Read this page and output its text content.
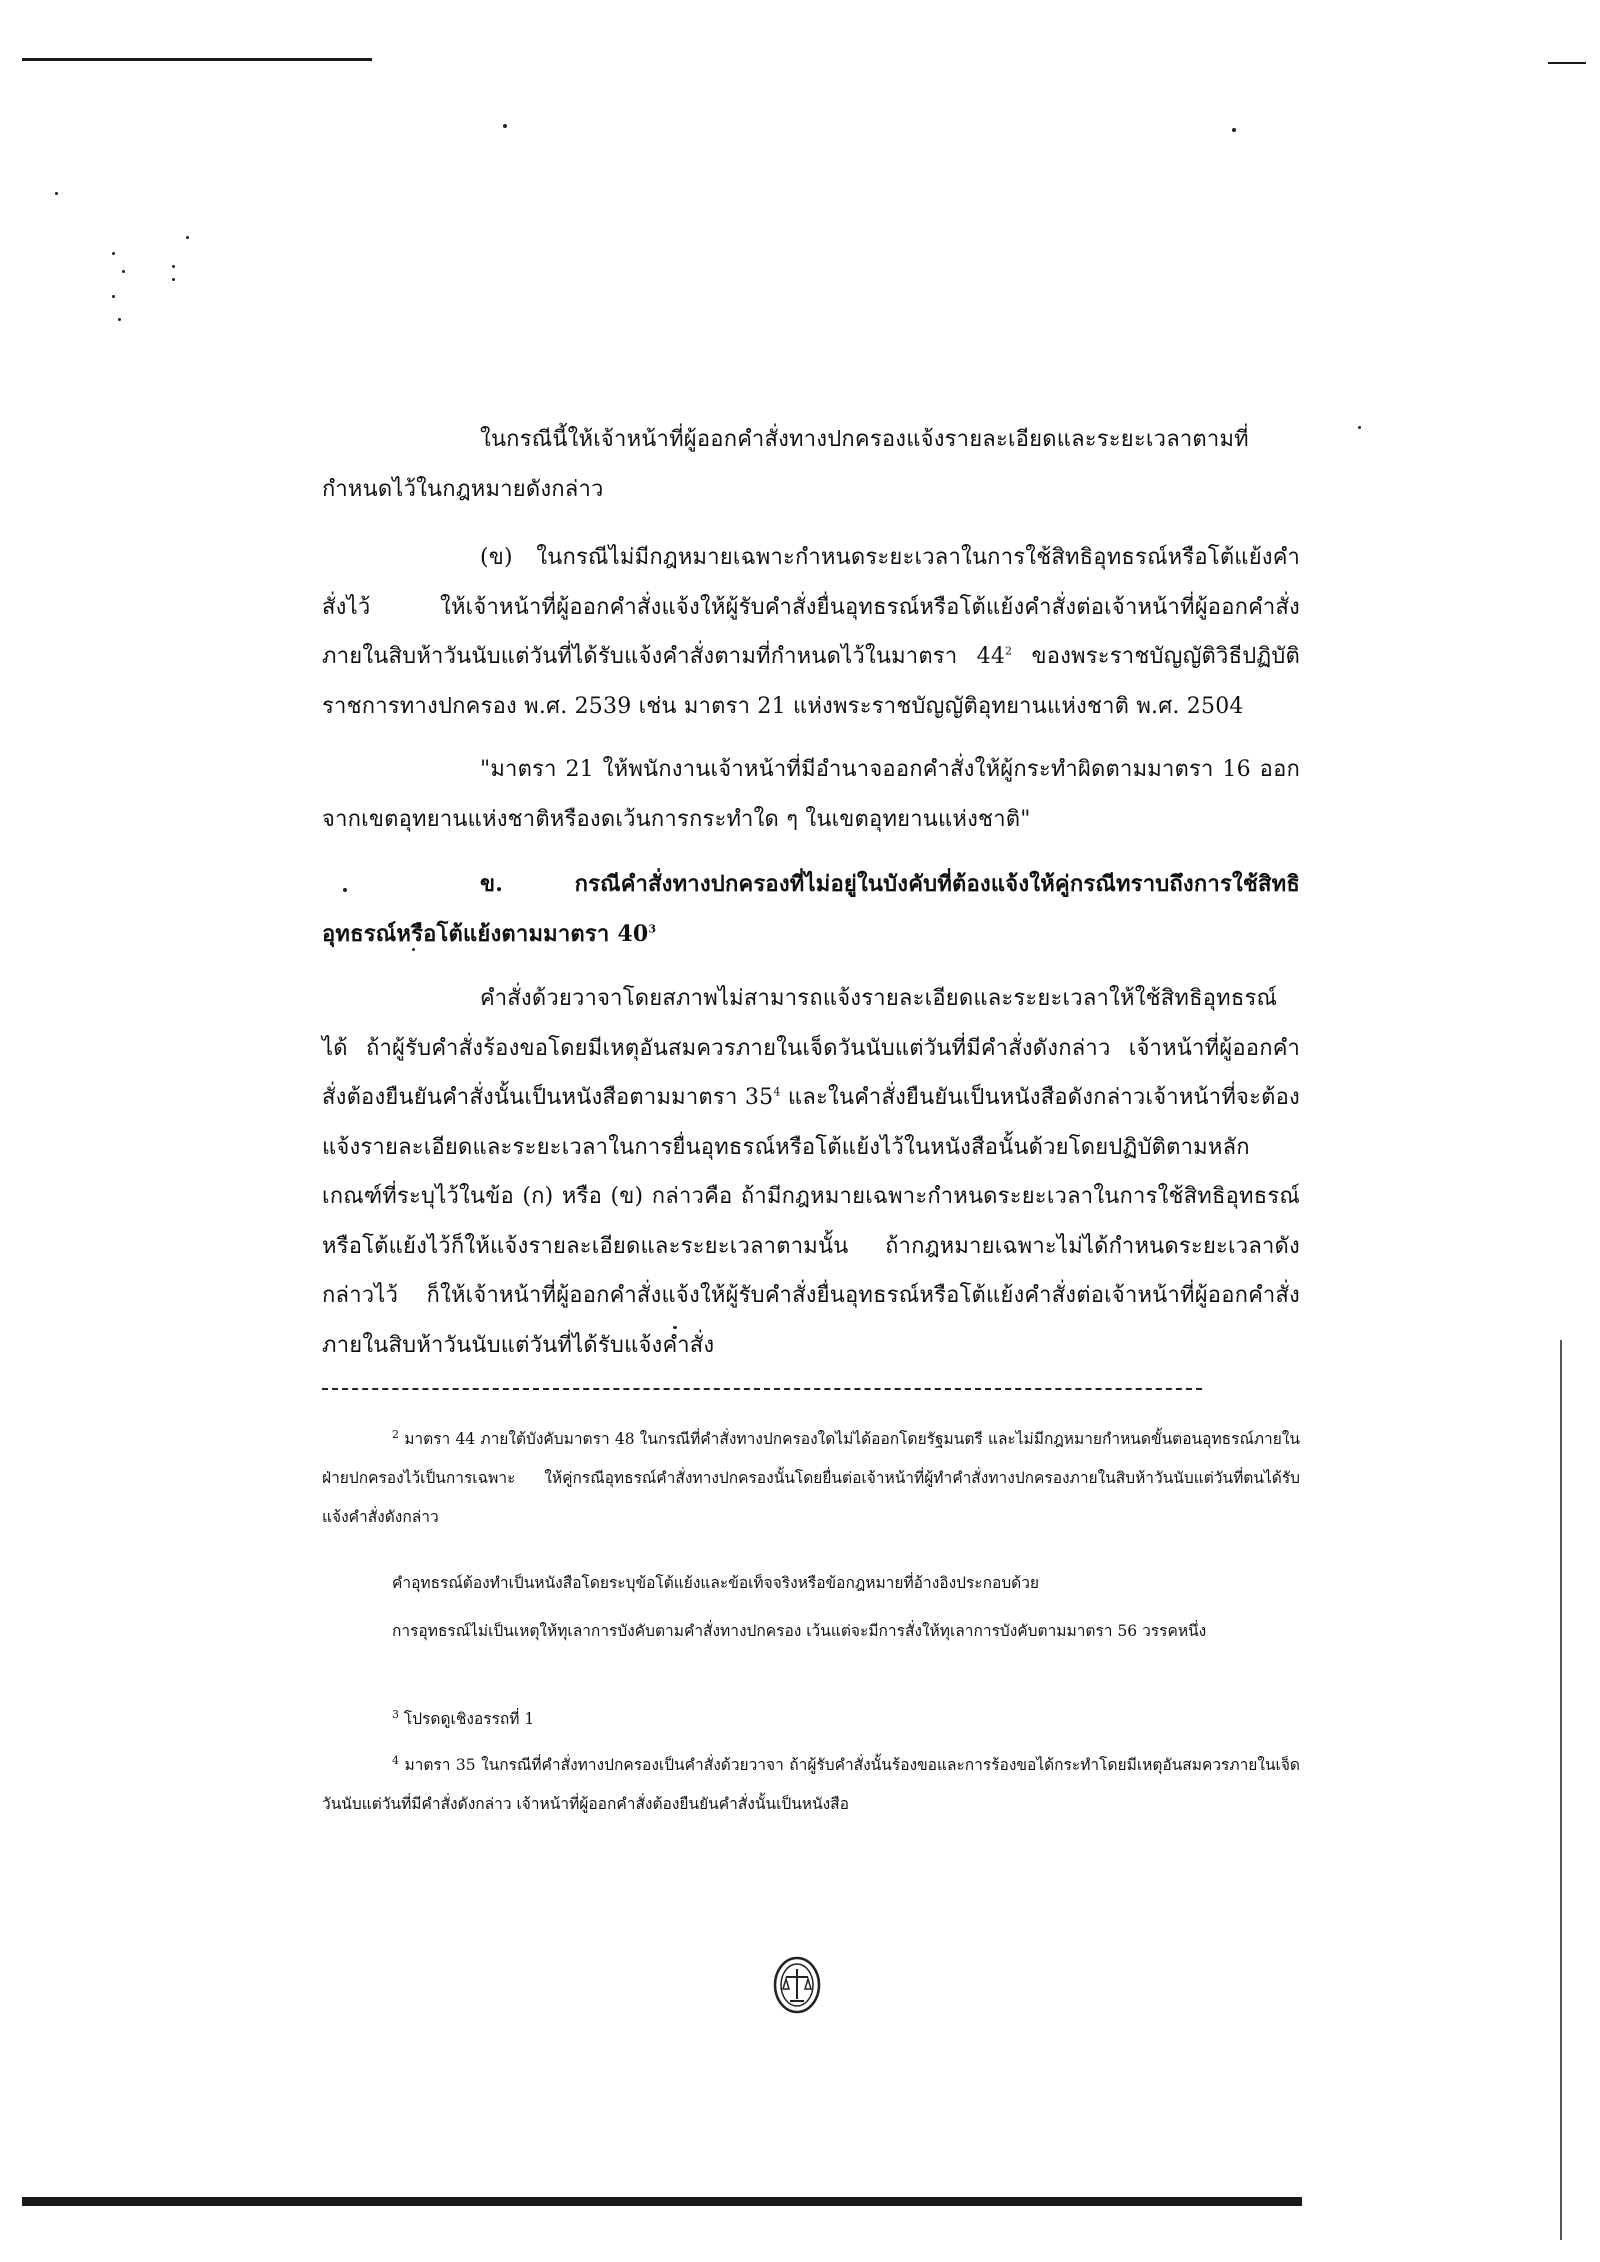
ในกรณีนี้ให้เจ้าหน้าที่ผู้ออกคำสั่งทางปกครองแจ้งรายละเอียดและระยะเวลาตามที่กำหนดไว้ในกฎหมายดังกล่าว

(ข) ในกรณีไม่มีกฎหมายเฉพาะกำหนดระยะเวลาในการใช้สิทธิอุทธรณ์หรือโต้แย้งคำสั่งไว้ ให้เจ้าหน้าที่ผู้ออกคำสั่งแจ้งให้ผู้รับคำสั่งยื่นอุทธรณ์หรือโต้แย้งคำสั่งต่อเจ้าหน้าที่ผู้ออกคำสั่งภายในสิบห้าวันนับแต่วันที่ได้รับแจ้งคำสั่งตามที่กำหนดไว้ในมาตรา $44^2$ ของพระราชบัญญัติวิธีปฏิบัติราชการทางปกครอง พ.ศ. 2539 เช่น มาตรา 21 แห่งพระราชบัญญัติอุทยานแห่งชาติ พ.ศ. 2504

"มาตรา 21 ให้พนักงานเจ้าหน้าที่มีอำนาจออกคำสั่งให้ผู้กระทำผิดตามมาตรา 16 ออกจากเขตอุทยานแห่งชาติหรืองดเว้นการกระทำใด ๆ ในเขตอุทยานแห่งชาติ"

ข. กรณีคำสั่งทางปกครองที่ไม่อยู่ในบังคับที่ต้องแจ้งให้คู่กรณีทราบถึงการใช้สิทธิอุทธรณ์หรือโต้แย้งตามมาตรา $40^3$

คำสั่งด้วยวาจาโดยสภาพไม่สามารถแจ้งรายละเอียดและระยะเวลาให้ใช้สิทธิอุทธรณ์ได้ ถ้าผู้รับคำสั่งร้องขอโดยมีเหตุอันสมควรภายในเจ็ดวันนับแต่วันที่มีคำสั่งดังกล่าว เจ้าหน้าที่ผู้ออกคำสั่งต้องยืนยันคำสั่งนั้นเป็นหนังสือตามมาตรา $35^4$ และในคำสั่งยืนยันเป็นหนังสือดังกล่าวเจ้าหน้าที่จะต้องแจ้งรายละเอียดและระยะเวลาในการยื่นอุทธรณ์หรือโต้แย้งไว้ในหนังสือนั้นด้วยโดยปฏิบัติตามหลักเกณฑ์ที่ระบุไว้ในข้อ (ก) หรือ (ข) กล่าวคือ ถ้ามีกฎหมายเฉพาะกำหนดระยะเวลาในการใช้สิทธิอุทธรณ์หรือโต้แย้งไว้ก็ให้แจ้งรายละเอียดและระยะเวลาตามนั้น ถ้ากฎหมายเฉพาะไม่ได้กำหนดระยะเวลาดังกล่าวไว้ ก็ให้เจ้าหน้าที่ผู้ออกคำสั่งแจ้งให้ผู้รับคำสั่งยื่นอุทธรณ์หรือโต้แย้งคำสั่งต่อเจ้าหน้าที่ผู้ออกคำสั่งภายในสิบห้าวันนับแต่วันที่ได้รับแจ้งคำสั่ง

$^2$ มาตรา 44 ภายใต้บังคับมาตรา 48 ในกรณีที่คำสั่งทางปกครองใดไม่ได้ออกโดยรัฐมนตรี และไม่มีกฎหมายกำหนดขั้นตอนอุทธรณ์ภายในฝ่ายปกครองไว้เป็นการเฉพาะ ให้คู่กรณีอุทธรณ์คำสั่งทางปกครองนั้นโดยยื่นต่อเจ้าหน้าที่ผู้ทำคำสั่งทางปกครองภายในสิบห้าวันนับแต่วันที่ตนได้รับแจ้งคำสั่งดังกล่าว

คำอุทธรณ์ต้องทำเป็นหนังสือโดยระบุข้อโต้แย้งและข้อเท็จจริงหรือข้อกฎหมายที่อ้างอิงประกอบด้วย

การอุทธรณ์ไม่เป็นเหตุให้ทุเลาการบังคับตามคำสั่งทางปกครอง เว้นแต่จะมีการสั่งให้ทุเลาการบังคับตามมาตรา 56 วรรคหนึ่ง

$^3$ โปรดดูเชิงอรรถที่ 1

$^4$ มาตรา 35 ในกรณีที่คำสั่งทางปกครองเป็นคำสั่งด้วยวาจา ถ้าผู้รับคำสั่งนั้นร้องขอและการร้องขอได้กระทำโดยมีเหตุอันสมควรภายในเจ็ดวันนับแต่วันที่มีคำสั่งดังกล่าว เจ้าหน้าที่ผู้ออกคำสั่งต้องยืนยันคำสั่งนั้นเป็นหนังสือ
